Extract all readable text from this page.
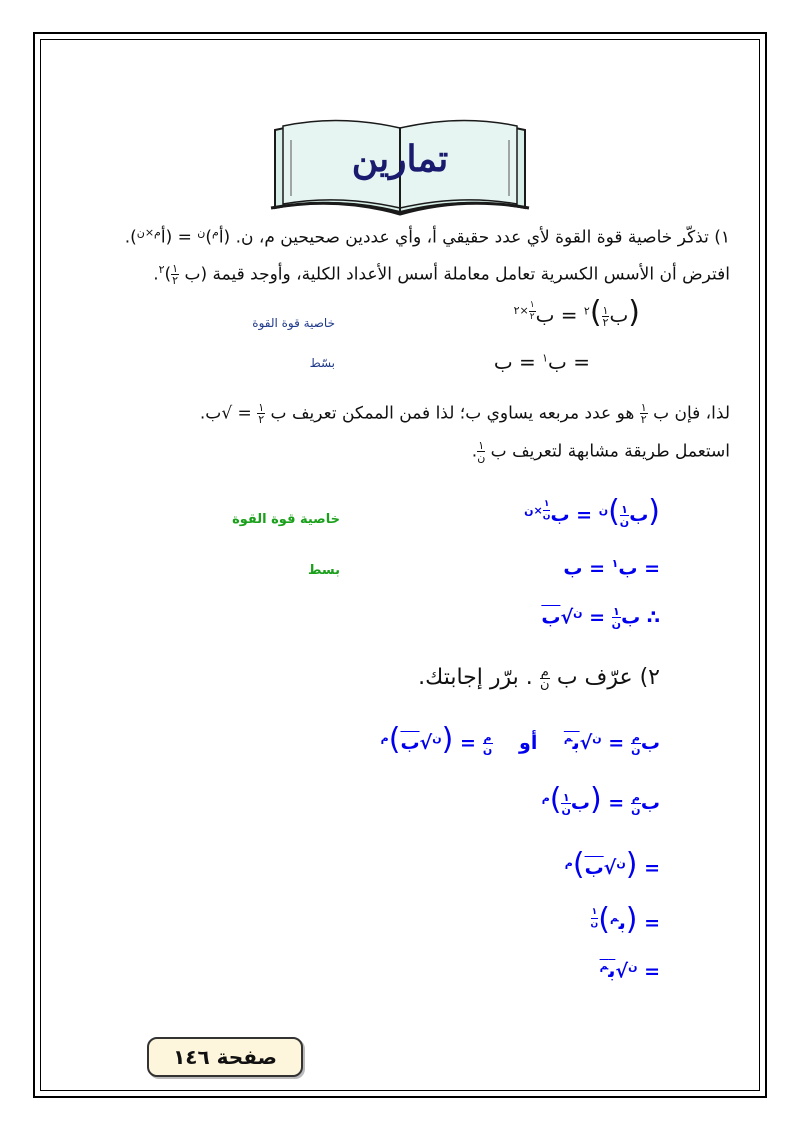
تمارين
١) تذكّر خاصية قوة القوة لأي عدد حقيقي أ، وأي عددين صحيحين م، ن. (أ$^م$)$^ن$ = (أ$^{م\times ن}$).
افترض أن الأسس الكسرية تعامل معاملة أسس الأعداد الكلية، وأوجد قيمة (ب
$\frac{١}{٢}$
)$^٢$.
(ب
$\frac{١}{٢}$
)$^٢$ = ب
$^{\frac{١}{٢} \times ٢}$
خاصية قوة القوة
= ب$^١$ = ب
بسّط
لذا، فإن ب
$\frac{١}{٢}$
هو عدد مربعه يساوي ب؛ لذا فمن الممكن تعريف ب
$\frac{١}{٢}$
= √ب.
استعمل طريقة مشابهة لتعريف ب
$\frac{١}{\text{ن}}$
.
(ب
$\frac{١}{\text{ن}}$
)$^ن$ = ب
$^{\frac{١}{\text{ن}} \times ن}$
خاصية قوة القوة
= ب$^١$ = ب
بسط
∴ ب
$\frac{١}{\text{ن}}$
= $^ن$√ب
٢) عرّف ب
$\frac{\text{م}}{\text{ن}}$
. برّر إجابتك.
ب
$\frac{\text{م}}{\text{ن}}$
= $^ن$√ب$^م$    أو
$\frac{\text{م}}{\text{ن}}$
= ($^ن$√ب)$^م$
ب
$\frac{\text{م}}{\text{ن}}$
= (ب
$\frac{١}{\text{ن}}$
)$^م$
= ($^ن$√ب)$^م$
= (ب$^م$)
$^{\frac{١}{\text{ن}}}$
= $^ن$√ب$^م$
صفحة ١٤٦
